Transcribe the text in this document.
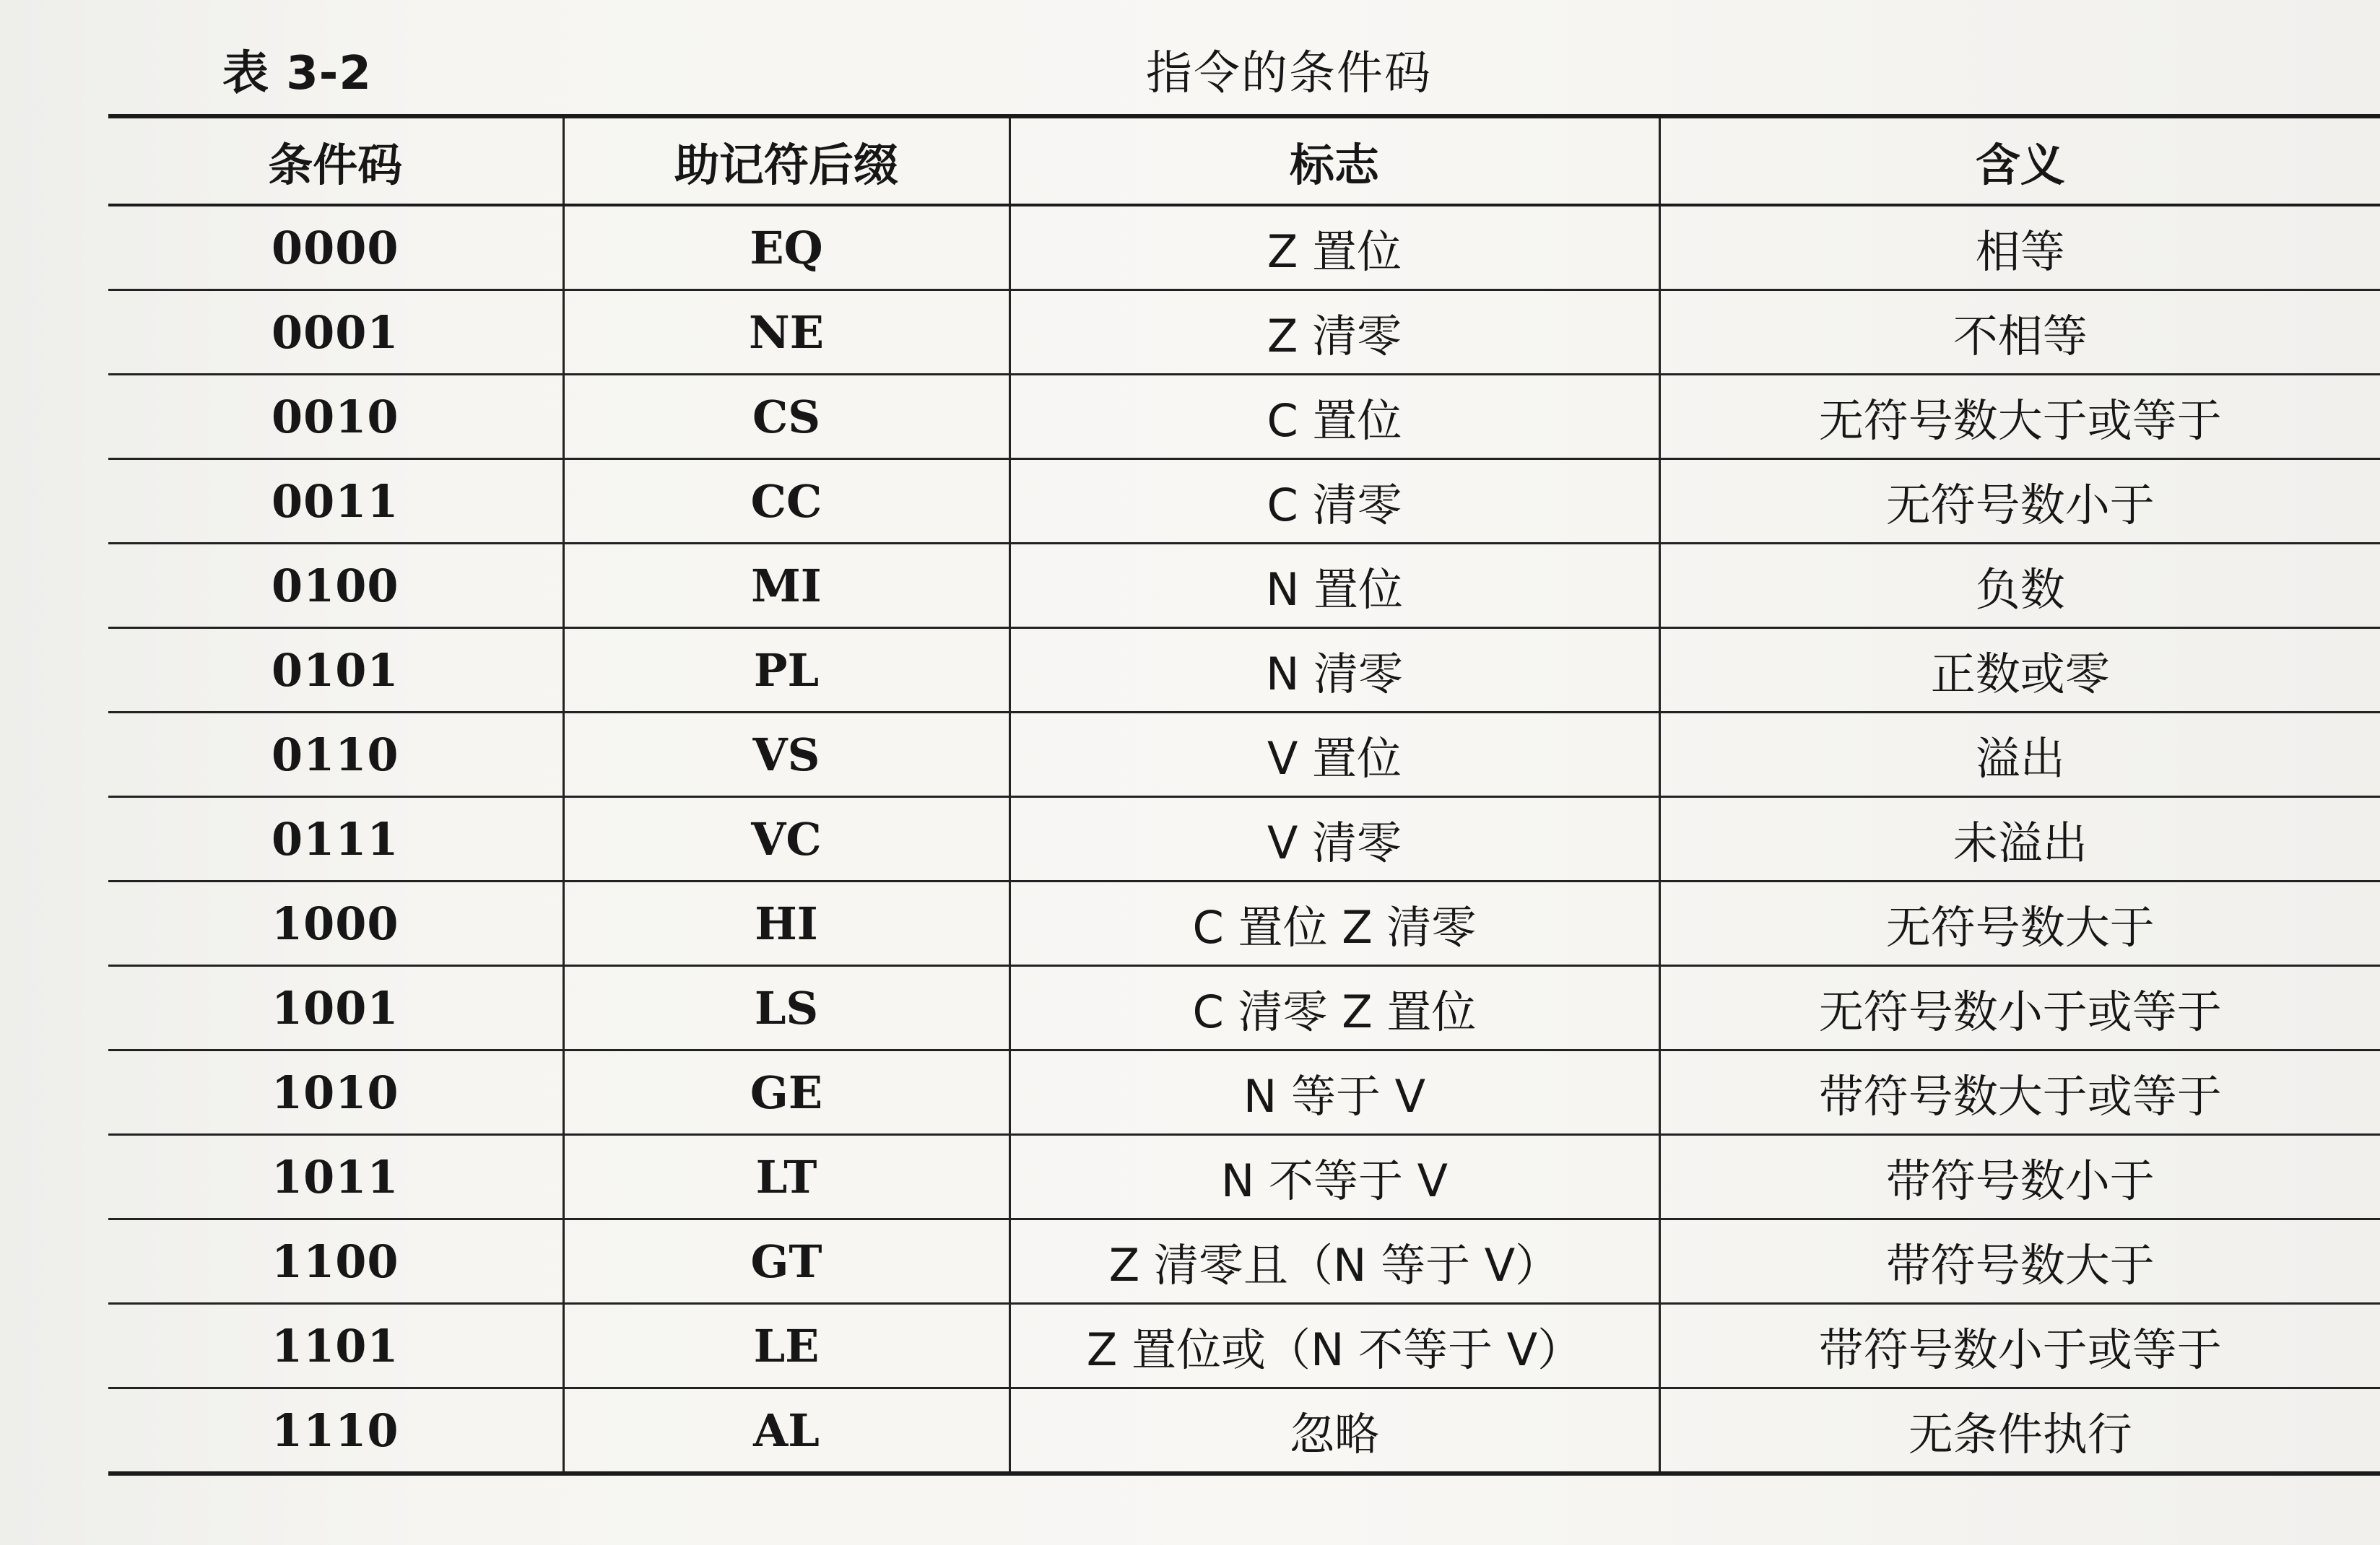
表 3-2	指令的条件码
条件码	助记符后缀	标志	含义
0000	EQ	Z 置位	相等
0001	NE	Z 清零	不相等
0010	CS	C 置位	无符号数大于或等于
0011	CC	C 清零	无符号数小于
0100	MI	N 置位	负数
0101	PL	N 清零	正数或零
0110	VS	V 置位	溢出
0111	VC	V 清零	未溢出
1000	HI	C 置位 Z 清零	无符号数大于
1001	LS	C 清零 Z 置位	无符号数小于或等于
1010	GE	N 等于 V	带符号数大于或等于
1011	LT	N 不等于 V	带符号数小于
1100	GT	Z 清零且（N 等于 V）	带符号数大于
1101	LE	Z 置位或（N 不等于 V）	带符号数小于或等于
1110	AL	忽略	无条件执行
